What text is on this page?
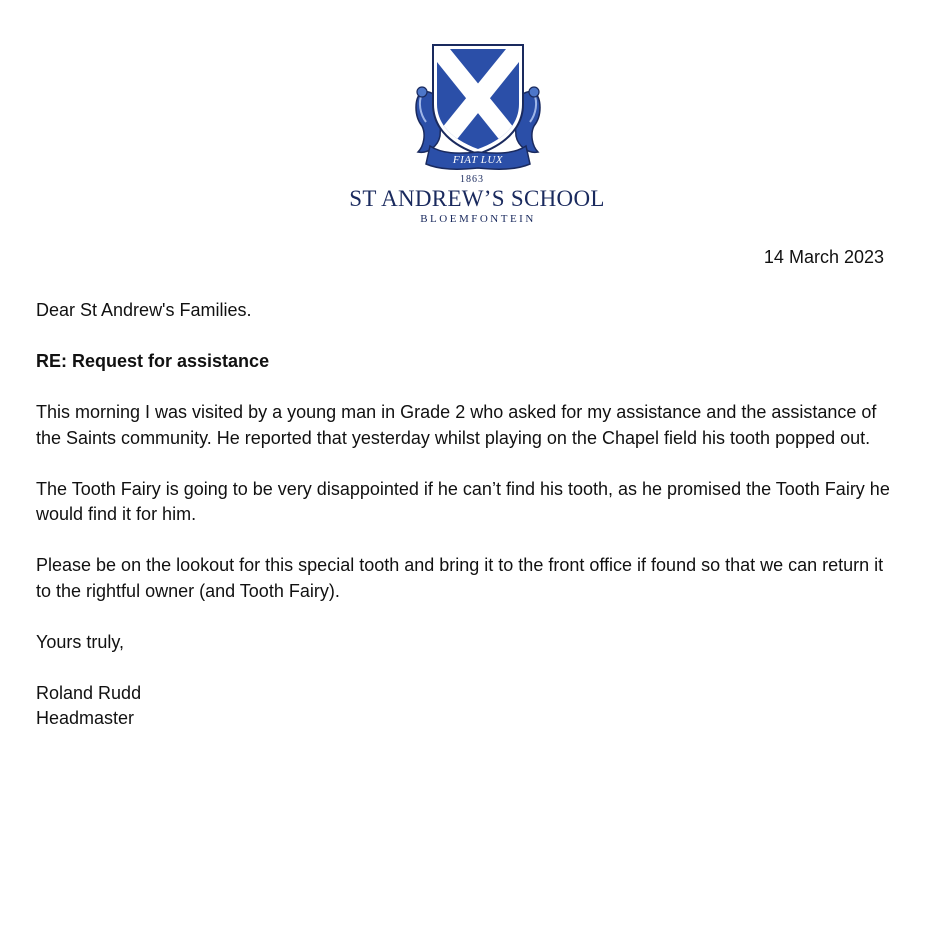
FIAT LUX
1863
ST ANDREW’S SCHOOL
BLOEMFONTEIN
14 March 2023

Dear St Andrew's Families.

RE: Request for assistance

This morning I was visited by a young man in Grade 2 who asked for my assistance and the assistance of the Saints community. He reported that yesterday whilst playing on the Chapel field his tooth popped out.

The Tooth Fairy is going to be very disappointed if he can’t find his tooth, as he promised the Tooth Fairy he would find it for him.

Please be on the lookout for this special tooth and bring it to the front office if found so that we can return it to the rightful owner (and Tooth Fairy).

Yours truly,

Roland Rudd

Headmaster
